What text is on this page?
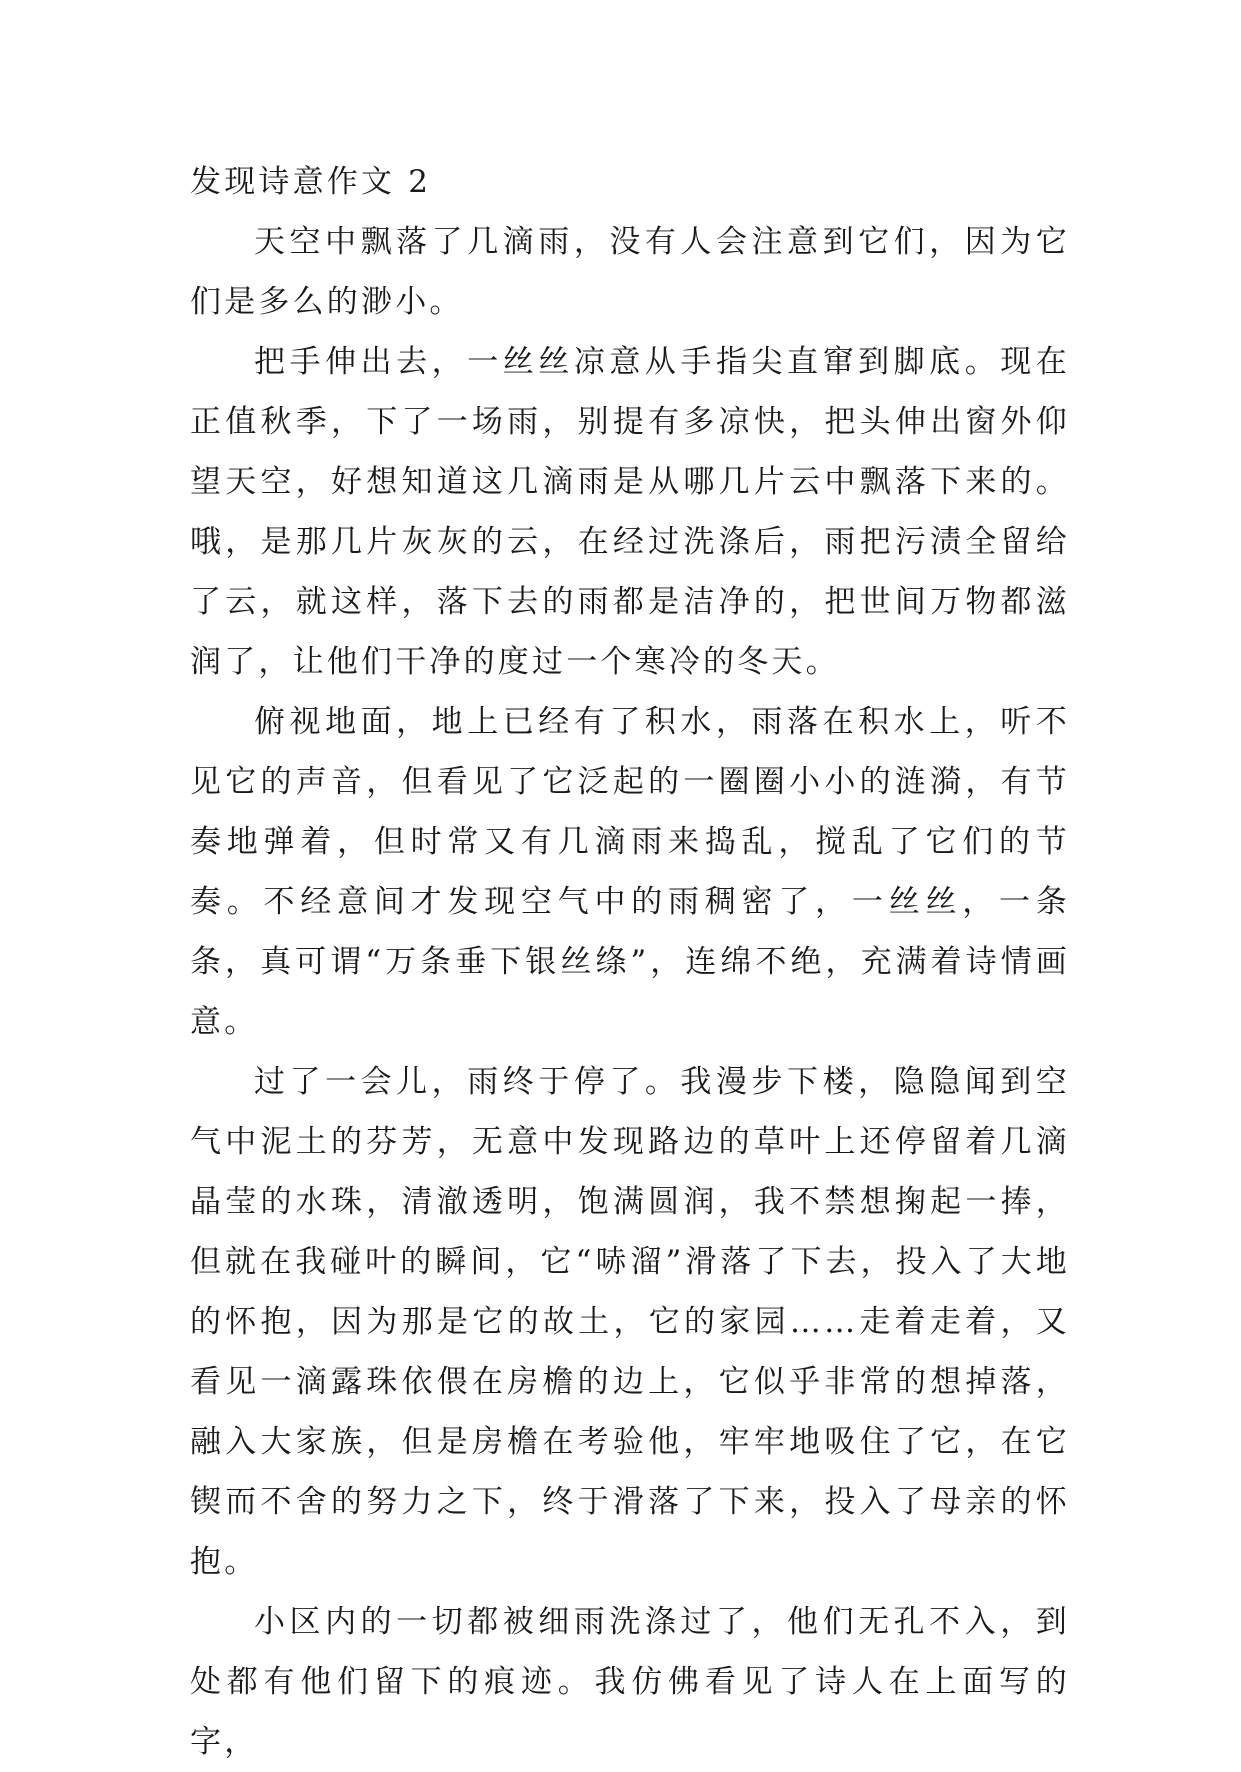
发现诗意作文 2

天空中飘落了几滴雨，没有人会注意到它们，因为它们是多么的渺小。

把手伸出去，一丝丝凉意从手指尖直窜到脚底。现在正值秋季，下了一场雨，别提有多凉快，把头伸出窗外仰望天空，好想知道这几滴雨是从哪几片云中飘落下来的。哦，是那几片灰灰的云，在经过洗涤后，雨把污渍全留给了云，就这样，落下去的雨都是洁净的，把世间万物都滋润了，让他们干净的度过一个寒冷的冬天。

俯视地面，地上已经有了积水，雨落在积水上，听不见它的声音，但看见了它泛起的一圈圈小小的涟漪，有节奏地弹着，但时常又有几滴雨来捣乱，搅乱了它们的节奏。不经意间才发现空气中的雨稠密了，一丝丝，一条条，真可谓“万条垂下银丝绦”，连绵不绝，充满着诗情画意。

过了一会儿，雨终于停了。我漫步下楼，隐隐闻到空气中泥土的芬芳，无意中发现路边的草叶上还停留着几滴晶莹的水珠，清澈透明，饱满圆润，我不禁想掬起一捧，但就在我碰叶的瞬间，它“哧溜”滑落了下去，投入了大地的怀抱，因为那是它的故土，它的家园……走着走着，又看见一滴露珠依偎在房檐的边上，它似乎非常的想掉落，融入大家族，但是房檐在考验他，牢牢地吸住了它，在它锲而不舍的努力之下，终于滑落了下来，投入了母亲的怀抱。

小区内的一切都被细雨洗涤过了，他们无孔不入，到处都有他们留下的痕迹。我仿佛看见了诗人在上面写的字，
